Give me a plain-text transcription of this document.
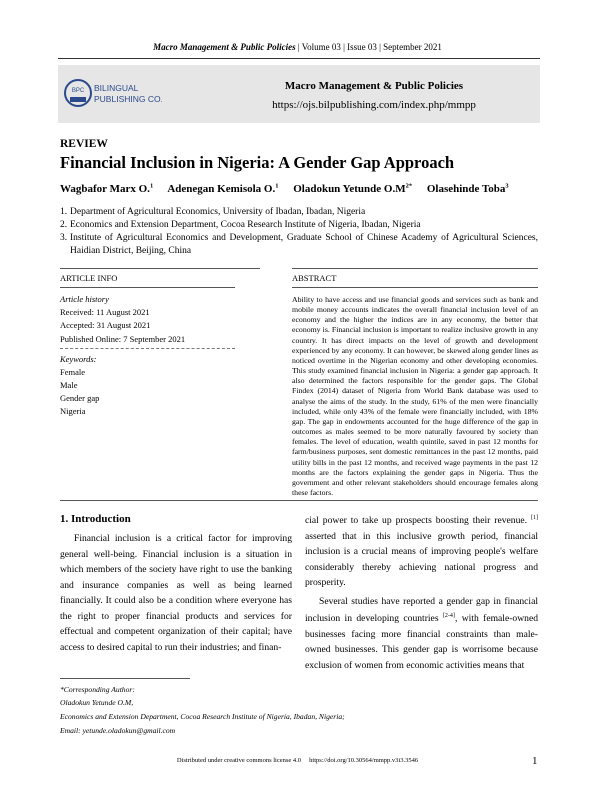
Macro Management & Public Policies | Volume 03 | Issue 03 | September 2021
BPC BILINGUAL
PUBLISHING CO.
Macro Management & Public Policies
https://ojs.bilpublishing.com/index.php/mmpp
REVIEW
Financial Inclusion in Nigeria: A Gender Gap Approach
Wagbafor Marx O.$^1$ Adenegan Kemisola O.$^1$ Oladokun Yetunde $O.M^{2*}$ Olasehinde Toba$^3$
1. Department of Agricultural Economics, University of Ibadan, Ibadan, Nigeria
2. Economics and Extension Department, Cocoa Research Institute of Nigeria, Ibadan, Nigeria
3. Institute of Agricultural Economics and Development, Graduate School of Chinese Academy of Agricultural Sciences, Haidian District, Beijing, China
ARTICLE INFO
Article history
Received: 11 August 2021
Accepted: 31 August 2021
Published Online: 7 September 2021
Keywords:
Female
Male
Gender gap
Nigeria
ABSTRACT
Ability to have access and use financial goods and services such as bank and mobile money accounts indicates the overall financial inclusion level of an economy and the higher the indices are in any economy, the better that economy is. Financial inclusion is important to realize inclusive growth in any country. It has direct impacts on the level of growth and development experienced by any economy. It can however, be skewed along gender lines as noticed overtime in the Nigerian economy and other developing economies. This study examined financial inclusion in Nigeria: a gender gap approach. It also determined the factors responsible for the gender gaps. The Global Findex (2014) dataset of Nigeria from World Bank database was used to analyse the aims of the study. In the study, 61% of the men were financially included, while only 43% of the female were financially included, with 18% gap. The gap in endowments accounted for the huge difference of the gap in outcomes as males seemed to be more naturally favoured by society than females. The level of education, wealth quintile, saved in past 12 months for farm/business purposes, sent domestic remittances in the past 12 months, paid utility bills in the past 12 months, and received wage payments in the past 12 months are the factors explaining the gender gaps in Nigeria. Thus the government and other relevant stakeholders should encourage females along these factors.
1. Introduction

Financial inclusion is a critical factor for improving general well-being. Financial inclusion is a situation in which members of the society have right to use the banking and insurance companies as well as being learned financially. It could also be a condition where everyone has the right to proper financial products and services for effectual and competent organization of their capital; have access to desired capital to run their industries; and finan-

cial power to take up prospects boosting their revenue. [1] asserted that in this inclusive growth period, financial inclusion is a crucial means of improving people's welfare considerably thereby achieving national progress and prosperity.

Several studies have reported a gender gap in financial inclusion in developing countries [2-4], with female-owned businesses facing more financial constraints than male-owned businesses. This gender gap is worrisome because exclusion of women from economic activities means that

*Corresponding Author:
Oladokun Yetunde O.M,
Economics and Extension Department, Cocoa Research Institute of Nigeria, Ibadan, Nigeria;
Email: yetunde.oladokun@gmail.com
Distributed under creative commons license 4.0 https://doi.org/10.30564/mmpp.v3i3.3546	1
